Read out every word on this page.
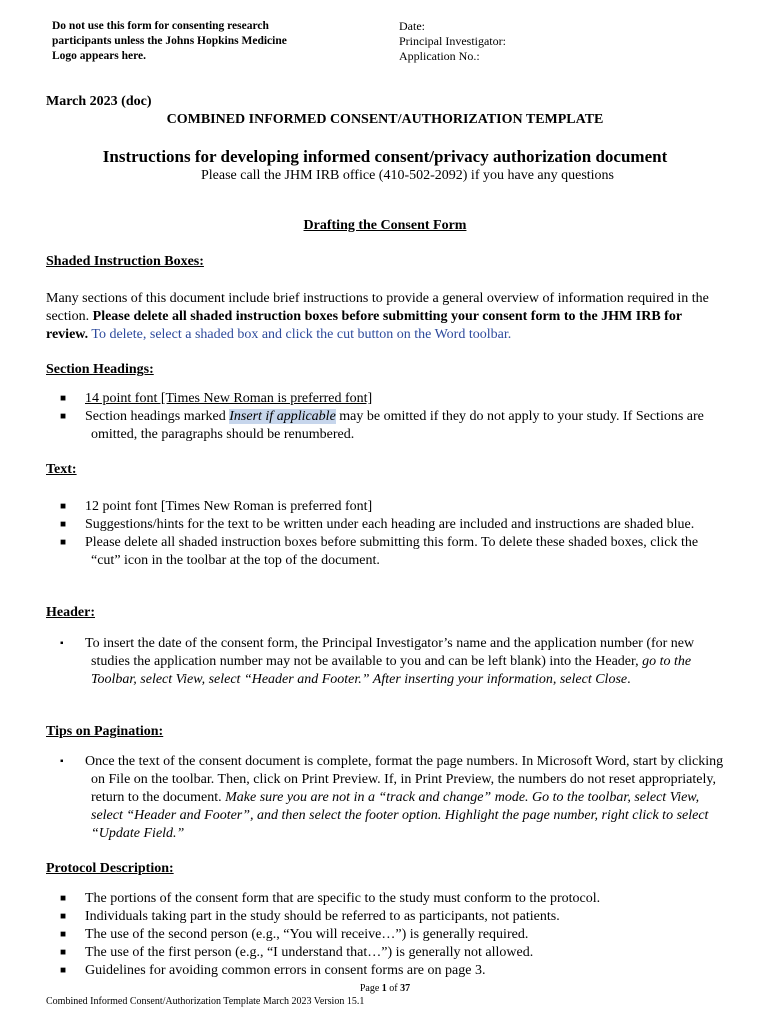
Do not use this form for consenting research
participants unless the Johns Hopkins Medicine
Logo appears here.
Date:
Principal Investigator:
Application No.:
March 2023 (doc)
COMBINED INFORMED CONSENT/AUTHORIZATION TEMPLATE
Instructions for developing informed consent/privacy authorization document
Please call the JHM IRB office (410-502-2092) if you have any questions
Drafting the Consent Form
Shaded Instruction Boxes:
Many sections of this document include brief instructions to provide a general overview of information required in the section. Please delete all shaded instruction boxes before submitting your consent form to the JHM IRB for review. To delete, select a shaded box and click the cut button on the Word toolbar.
Section Headings:
■ 14 point font [Times New Roman is preferred font]
■ Section headings marked Insert if applicable may be omitted if they do not apply to your study. If Sections are omitted, the paragraphs should be renumbered.
Text:
■ 12 point font [Times New Roman is preferred font]
■ Suggestions/hints for the text to be written under each heading are included and instructions are shaded blue.
■ Please delete all shaded instruction boxes before submitting this form. To delete these shaded boxes, click the “cut” icon in the toolbar at the top of the document.
Header:
▪ To insert the date of the consent form, the Principal Investigator’s name and the application number (for new studies the application number may not be available to you and can be left blank) into the Header, go to the Toolbar, select View, select “Header and Footer.” After inserting your information, select Close.
Tips on Pagination:
▪ Once the text of the consent document is complete, format the page numbers. In Microsoft Word, start by clicking on File on the toolbar. Then, click on Print Preview. If, in Print Preview, the numbers do not reset appropriately, return to the document. Make sure you are not in a “track and change” mode. Go to the toolbar, select View, select “Header and Footer”, and then select the footer option. Highlight the page number, right click to select “Update Field.”
Protocol Description:
■ The portions of the consent form that are specific to the study must conform to the protocol.
■ Individuals taking part in the study should be referred to as participants, not patients.
■ The use of the second person (e.g., “You will receive…”) is generally required.
■ The use of the first person (e.g., “I understand that…”) is generally not allowed.
■ Guidelines for avoiding common errors in consent forms are on page 3.
Page 1 of 37
Combined Informed Consent/Authorization Template March 2023 Version 15.1
